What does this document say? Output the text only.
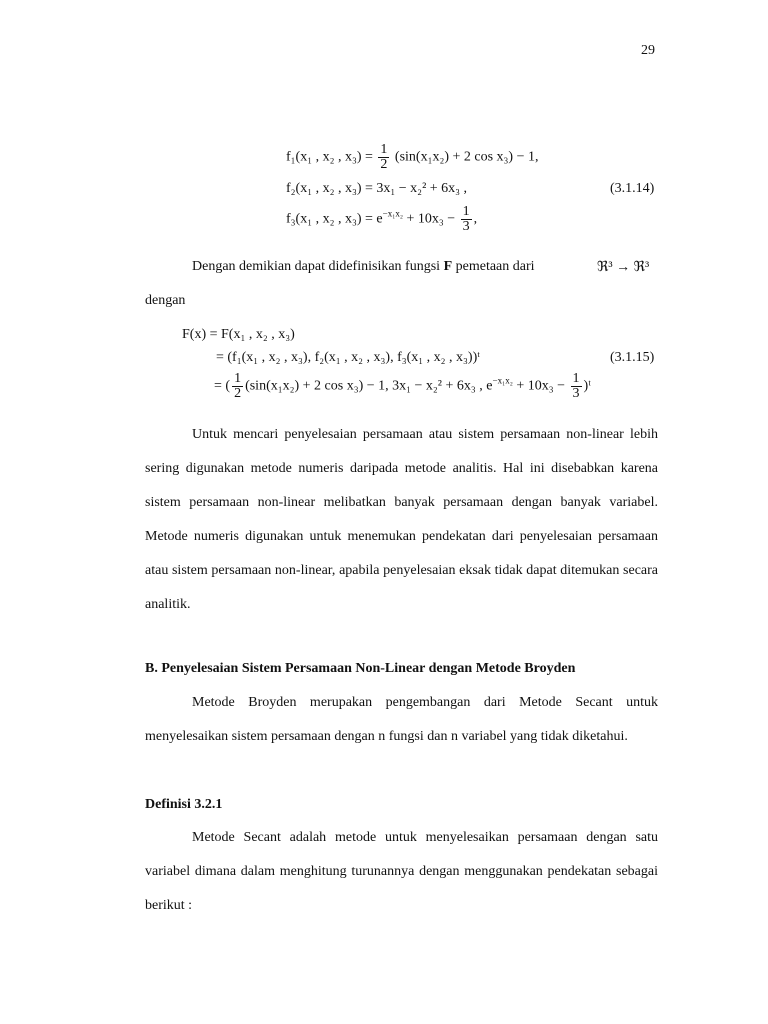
29
f₁(x₁ , x₂ , $x_3) = \frac{1}{2} (\sin(x_1x_2) + 2$ cos x₃) − 1,
f₂(x₁ , x₂ , x₃) = 3x₁ − x₂² + 6x₃ ,	(3.1.14)
f₃(x₁ , x₂ , $x_3) = e^{-x_1x_2} + 10x_3 - \frac{1}{3}$ ,
Dengan demikian dapat didefinisikan fungsi F pemetaan dari	ℜ³ → ℜ³
dengan
F(x) = F(x₁ , x₂ , x₃)
= (f₁(x₁ , x₂ , x₃), f₂(x₁ , x₂ , x₃), f₃(x₁ , x₂ , x₃))ᵗ	(3.1.15)
= ( $\frac{1}{2} (\sin(x_1x_2) + 2$ cos x₃) − 1, 3x₁ − x₂² + 6x₃ , $e^{-x_1x_2} + 10x_3 - \frac{1}{3}$ )ᵗ
Untuk mencari penyelesaian persamaan atau sistem persamaan non-linear lebih sering digunakan metode numeris daripada metode analitis. Hal ini disebabkan karena sistem persamaan non-linear melibatkan banyak persamaan dengan banyak variabel. Metode numeris digunakan untuk menemukan pendekatan dari penyelesaian persamaan atau sistem persamaan non-linear, apabila penyelesaian eksak tidak dapat ditemukan secara analitik.
B. Penyelesaian Sistem Persamaan Non-Linear dengan Metode Broyden
Metode Broyden merupakan pengembangan dari Metode Secant untuk menyelesaikan sistem persamaan dengan n fungsi dan n variabel yang tidak diketahui.
Definisi 3.2.1
Metode Secant adalah metode untuk menyelesaikan persamaan dengan satu variabel dimana dalam menghitung turunannya dengan menggunakan pendekatan sebagai berikut :
